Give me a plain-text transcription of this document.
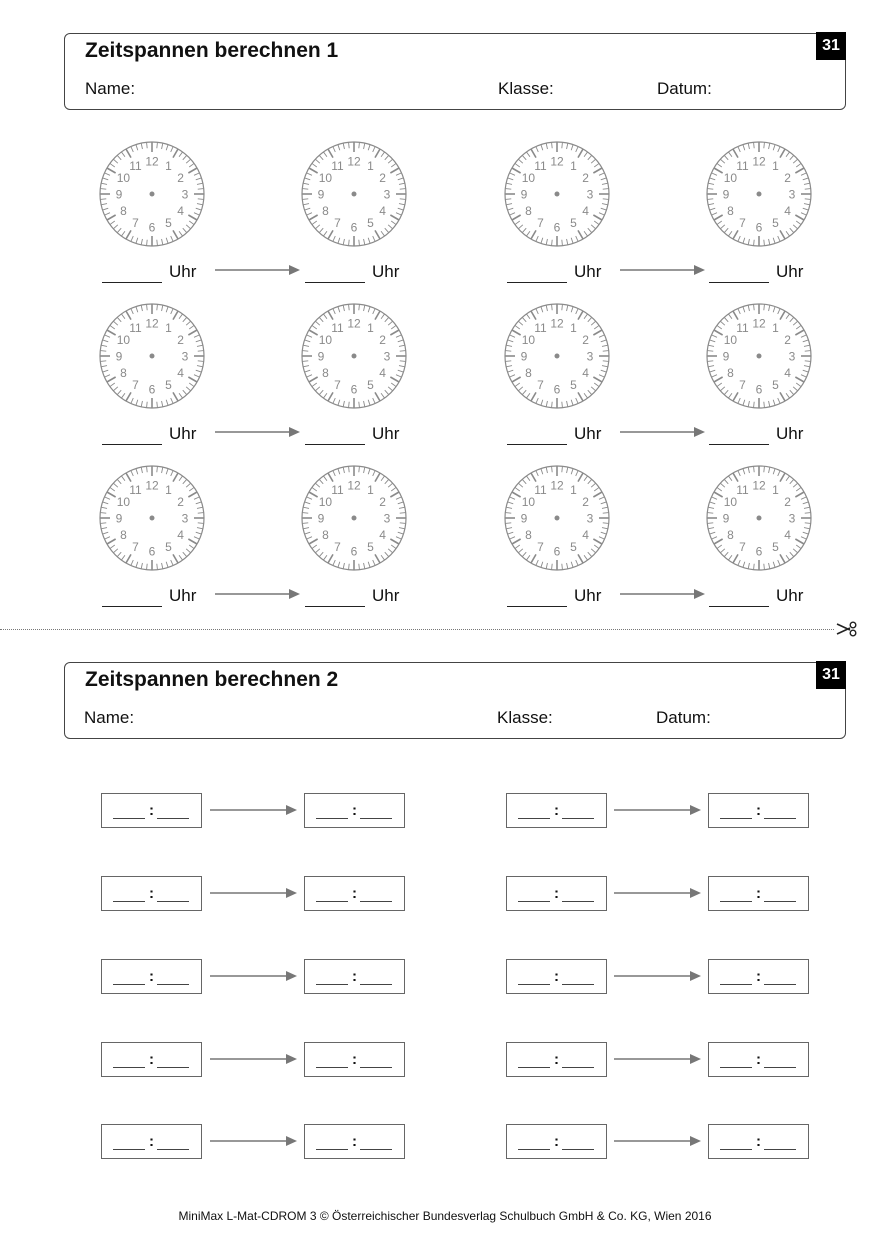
Zeitspannen berechnen 1
Name:	Klasse:	Datum:
31
12 1
2
3
4
5
6
7
8
9
10
11	12 1
2
3
4
5
6
7
8
9
10
11	12 1
2
3
4
5
6
7
8
9
10
11	12 1
2
3
4
5
6
7
8
9
10
11
Uhr	Uhr	Uhr	Uhr
12 1
2
3
4
5
6
7
8
9
10
11	12 1
2
3
4
5
6
7
8
9
10
11	12 1
2
3
4
5
6
7
8
9
10
11	12 1
2
3
4
5
6
7
8
9
10
11
Uhr	Uhr	Uhr	Uhr
12 1
2
3
4
5
6
7
8
9
10
11	12 1
2
3
4
5
6
7
8
9
10
11	12 1
2
3
4
5
6
7
8
9
10
11	12 1
2
3
4
5
6
7
8
9
10
11
Uhr	Uhr	Uhr	Uhr
Zeitspannen berechnen 2
Name:	Klasse:	Datum:
31
:	:	:	:
:	:	:	:
:	:	:	:
:	:	:	:
:	:	:	:
MiniMax L-Mat-CDROM 3 © Österreichischer Bundesverlag Schulbuch GmbH & Co. KG, Wien 2016
